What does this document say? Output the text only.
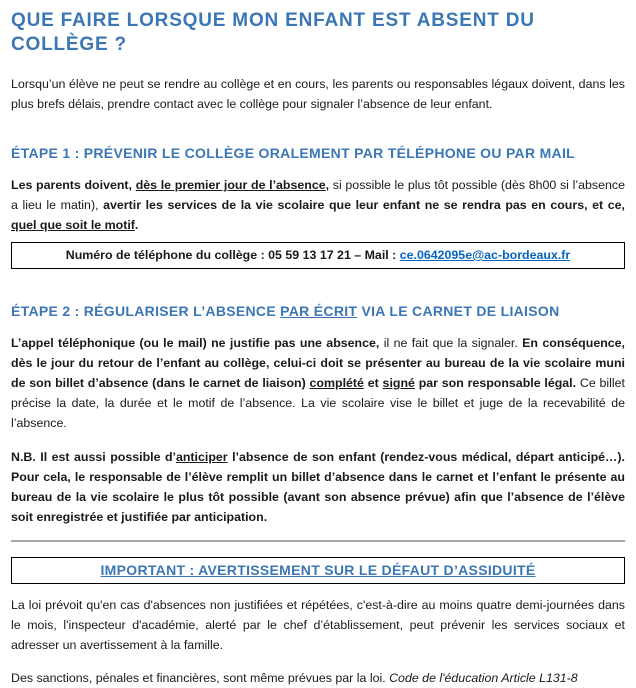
QUE FAIRE LORSQUE MON ENFANT EST ABSENT DU COLLÈGE ?

Lorsqu’un élève ne peut se rendre au collège et en cours, les parents ou responsables légaux doivent, dans les plus brefs délais, prendre contact avec le collège pour signaler l’absence de leur enfant.

ÉTAPE 1 : PRÉVENIR LE COLLÈGE ORALEMENT PAR TÉLÉPHONE OU PAR MAIL

Les parents doivent, dès le premier jour de l’absence, si possible le plus tôt possible (dès 8h00 si l’absence a lieu le matin), avertir les services de la vie scolaire que leur enfant ne se rendra pas en cours, et ce, quel que soit le motif.

Numéro de téléphone du collège : 05 59 13 17 21 – Mail : ce.0642095e@ac-bordeaux.fr

ÉTAPE 2 : RÉGULARISER L’ABSENCE PAR ÉCRIT VIA LE CARNET DE LIAISON

L’appel téléphonique (ou le mail) ne justifie pas une absence, il ne fait que la signaler. En conséquence, dès le jour du retour de l’enfant au collège, celui-ci doit se présenter au bureau de la vie scolaire muni de son billet d’absence (dans le carnet de liaison) complété et signé par son responsable légal. Ce billet précise la date, la durée et le motif de l’absence. La vie scolaire vise le billet et juge de la recevabilité de l’absence.

N.B. Il est aussi possible d’anticiper l’absence de son enfant (rendez-vous médical, départ anticipé…). Pour cela, le responsable de l’élève remplit un billet d’absence dans le carnet et l’enfant le présente au bureau de la vie scolaire le plus tôt possible (avant son absence prévue) afin que l’absence de l’élève soit enregistrée et justifiée par anticipation.

IMPORTANT : AVERTISSEMENT SUR LE DÉFAUT D’ASSIDUITÉ

La loi prévoit qu'en cas d'absences non justifiées et répétées, c'est-à-dire au moins quatre demi-journées dans le mois, l'inspecteur d'académie, alerté par le chef d’établissement, peut prévenir les services sociaux et adresser un avertissement à la famille.

Des sanctions, pénales et financières, sont même prévues par la loi. Code de l'éducation Article L131-8
